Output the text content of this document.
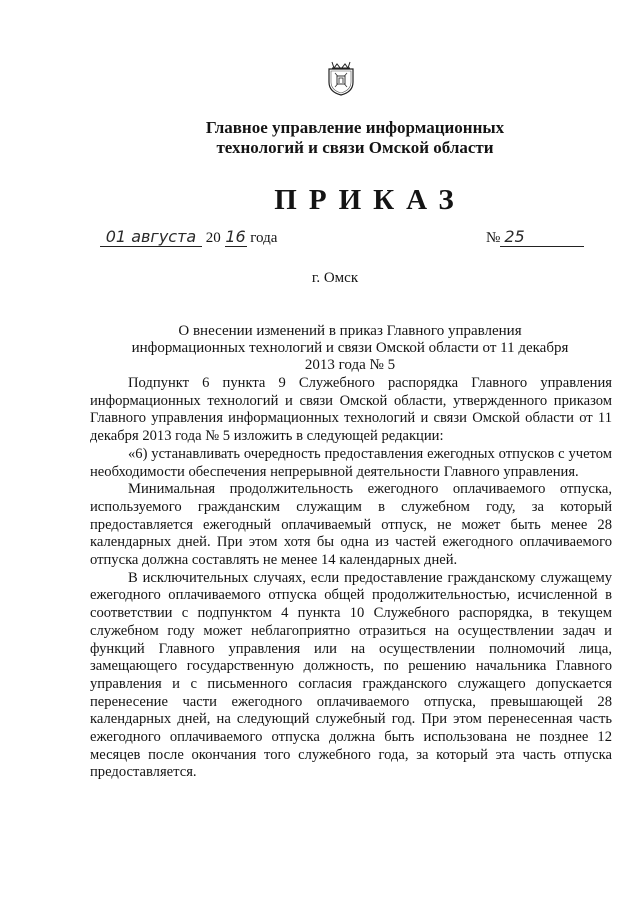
Главное управление информационных
технологий и связи Омской области
ПРИКАЗ
01 августа 20 16 года	№ 25
г. Омск
О внесении изменений в приказ Главного управления информационных технологий и связи Омской области от 11 декабря 2013 года № 5

Подпункт 6 пункта 9 Служебного распорядка Главного управления информационных технологий и связи Омской области, утвержденного приказом Главного управления информационных технологий и связи Омской области от 11 декабря 2013 года № 5 изложить в следующей редакции:

«6) устанавливать очередность предоставления ежегодных отпусков с учетом необходимости обеспечения непрерывной деятельности Главного управления.

Минимальная продолжительность ежегодного оплачиваемого отпуска, используемого гражданским служащим в служебном году, за который предоставляется ежегодный оплачиваемый отпуск, не может быть менее 28 календарных дней. При этом хотя бы одна из частей ежегодного оплачиваемого отпуска должна составлять не менее 14 календарных дней.

В исключительных случаях, если предоставление гражданскому служащему ежегодного оплачиваемого отпуска общей продолжительностью, исчисленной в соответствии с подпунктом 4 пункта 10 Служебного распорядка, в текущем служебном году может неблагоприятно отразиться на осуществлении задач и функций Главного управления или на осуществлении полномочий лица, замещающего государственную должность, по решению начальника Главного управления и с письменного согласия гражданского служащего допускается перенесение части ежегодного оплачиваемого отпуска, превышающей 28 календарных дней, на следующий служебный год. При этом перенесенная часть ежегодного оплачиваемого отпуска должна быть использована не позднее 12 месяцев после окончания того служебного года, за который эта часть отпуска предоставляется.
